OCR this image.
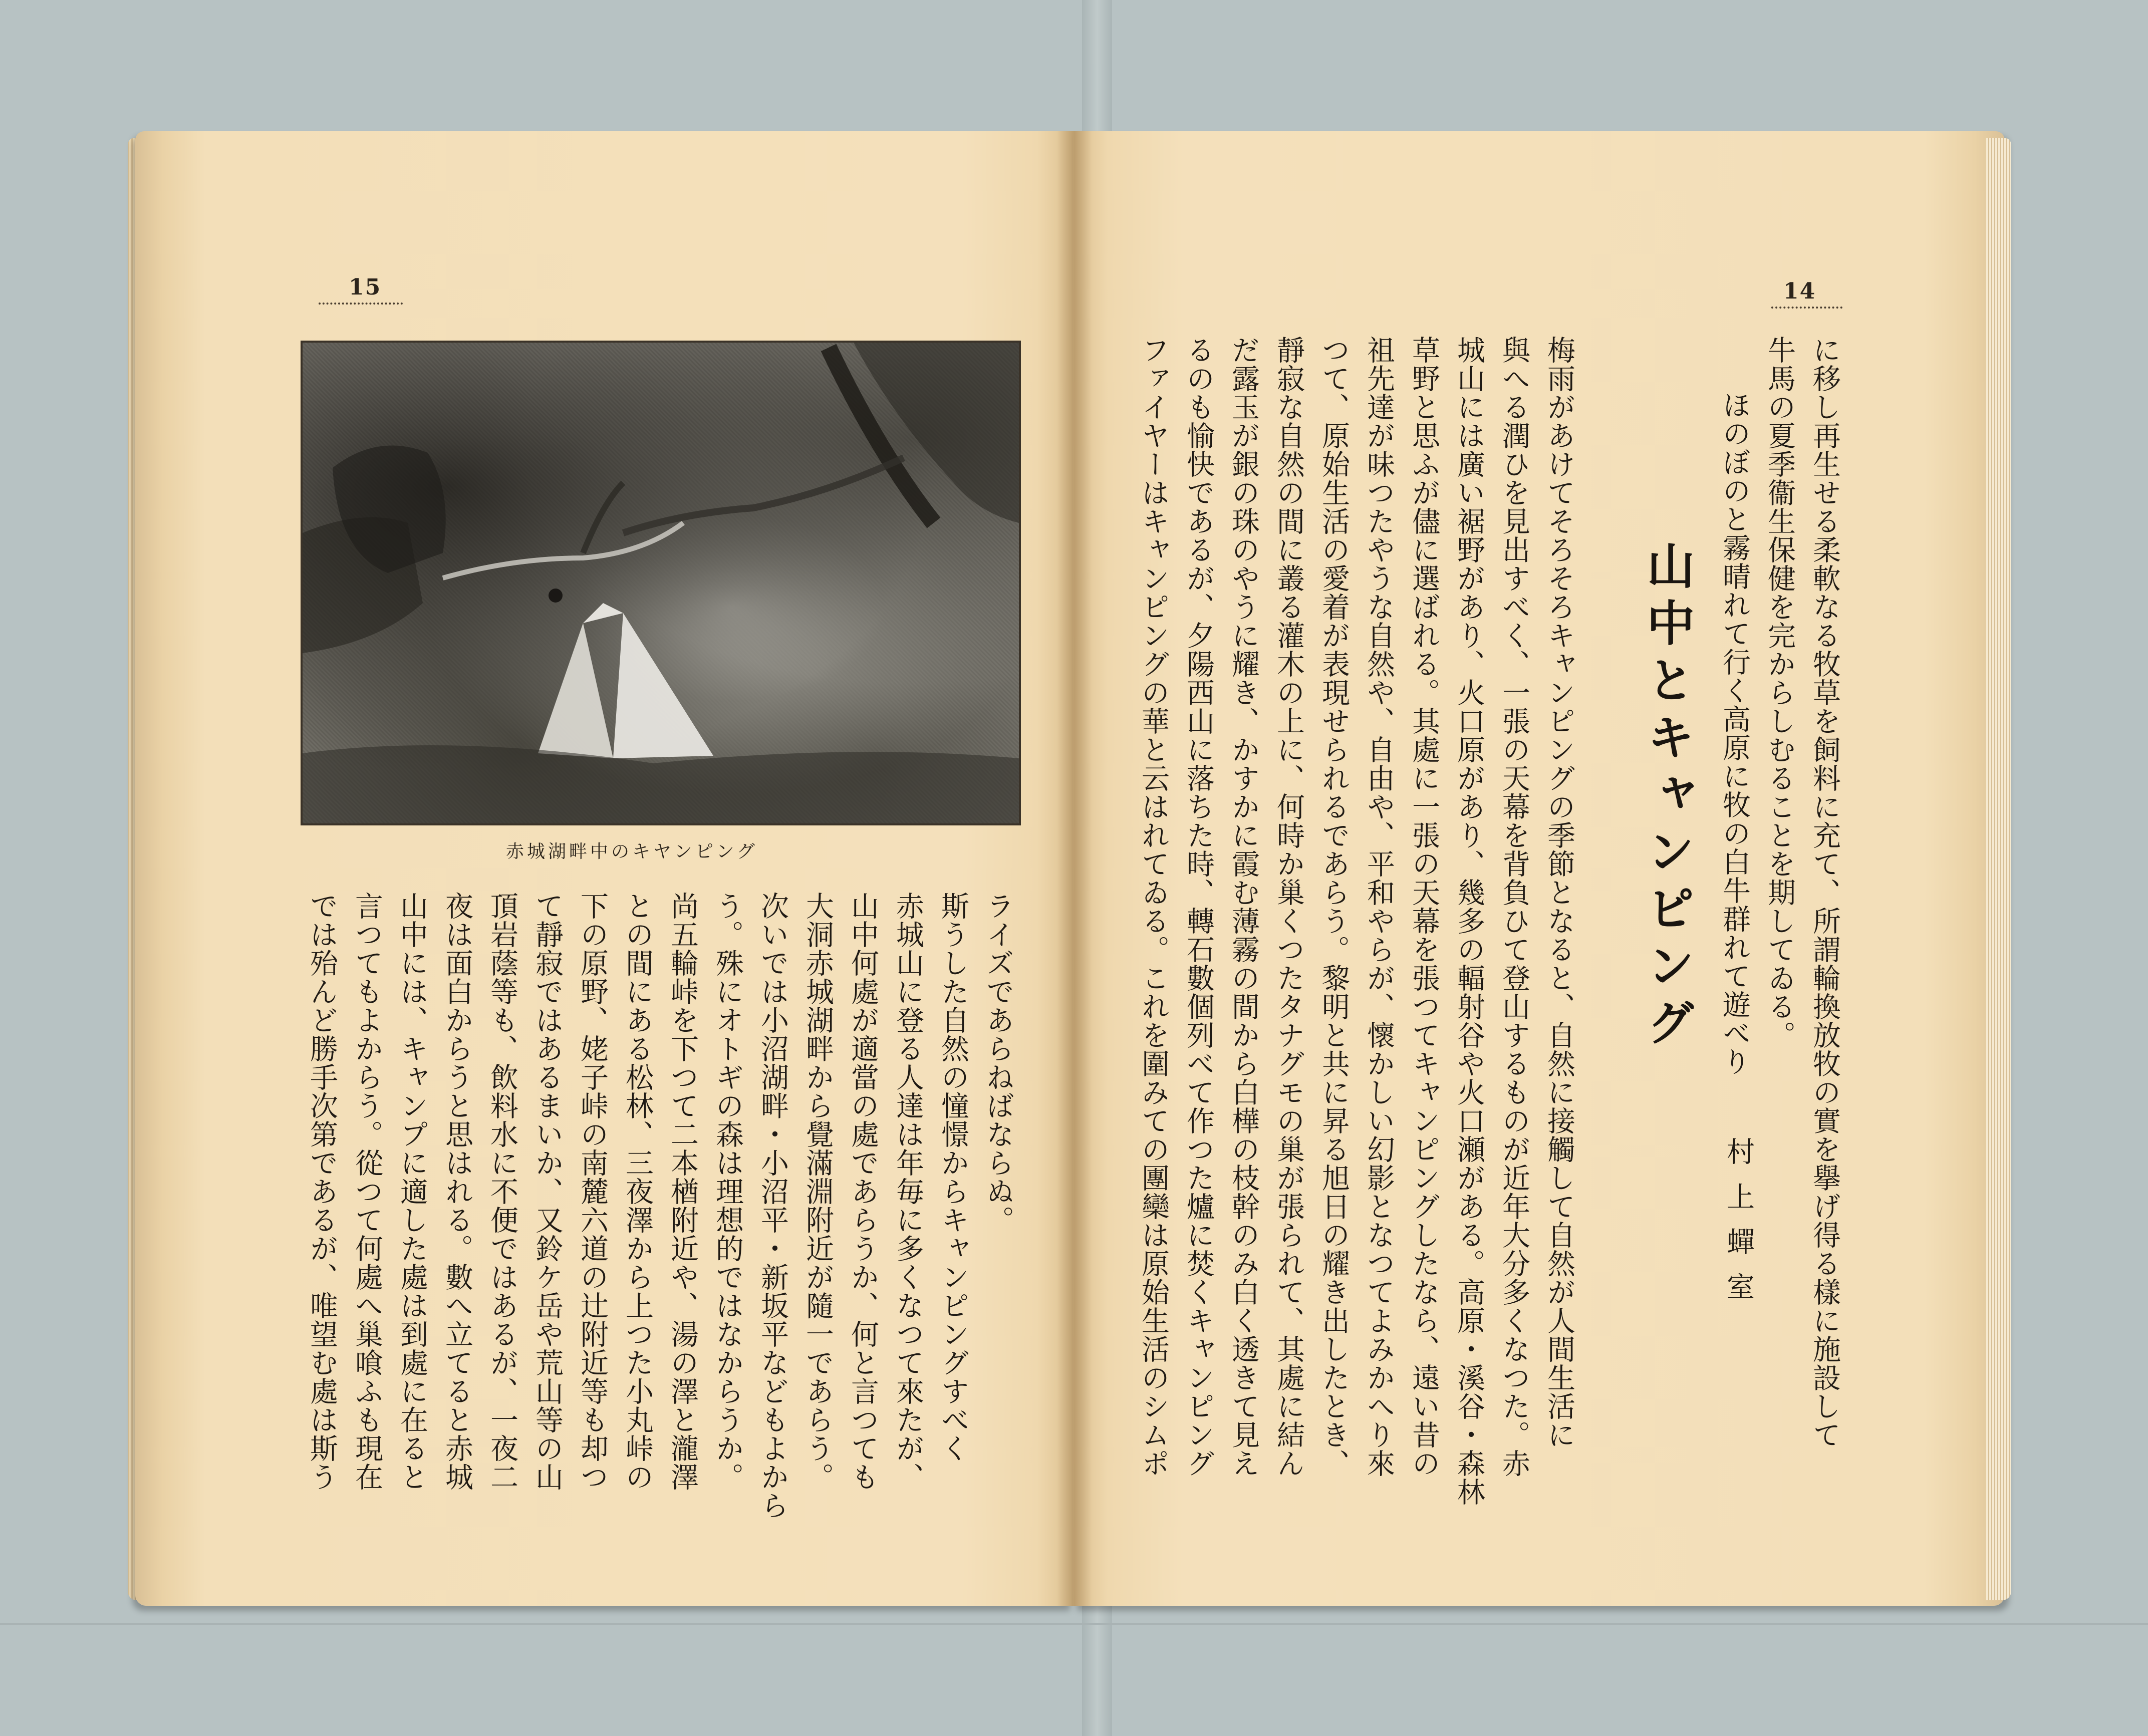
15
赤城湖畔中のキヤンピング
ライズであらねばならぬ。
斯うした自然の憧憬からキャンピングすべく
赤城山に登る人達は年毎に多くなつて來たが、
山中何處が適當の處であらうか、何と言つても
大洞赤城湖畔から覺滿淵附近が隨一であらう。
次いでは小沼湖畔・小沼平・新坂平などもよから
う。殊にオトギの森は理想的ではなからうか。
尚五輪峠を下つて二本楢附近や、湯の澤と瀧澤
との間にある松林、三夜澤から上つた小丸峠の
下の原野、姥子峠の南麓六道の辻附近等も却つ
て靜寂ではあるまいか、又鈴ケ岳や荒山等の山
頂岩蔭等も、飲料水に不便ではあるが、一夜二
夜は面白からうと思はれる。數へ立てると赤城
山中には、キャンプに適した處は到處に在ると
言つてもよからう。從つて何處へ巢喰ふも現在
では殆んど勝手次第であるが、唯望む處は斯う
14
に移し再生せる柔軟なる牧草を飼料に充て、所謂輪換放牧の實を擧げ得る樣に施設して
牛馬の夏季衞生保健を完からしむることを期してゐる。
ほのぼのと霧晴れて行く高原に牧の白牛群れて遊べり
村上蟬室
山中とキャンピング
梅雨があけてそろそろキャンピングの季節となると、自然に接觸して自然が人間生活に
與へる潤ひを見出すべく、一張の天幕を背負ひて登山するものが近年大分多くなつた。赤
城山には廣い裾野があり、火口原があり、幾多の輻射谷や火口瀬がある。高原・溪谷・森林
草野と思ふが儘に選ばれる。其處に一張の天幕を張つてキャンピングしたなら、遠い昔の
祖先達が味つたやうな自然や、自由や、平和やらが、懷かしい幻影となつてよみかへり來
つて、原始生活の愛着が表現せられるであらう。黎明と共に昇る旭日の耀き出したとき、
靜寂な自然の間に叢る灌木の上に、何時か巢くつたタナグモの巢が張られて、其處に結ん
だ露玉が銀の珠のやうに耀き、かすかに霞む薄霧の間から白樺の枝幹のみ白く透きて見え
るのも愉快であるが、夕陽西山に落ちた時、轉石數個列べて作つた爐に焚くキャンピング
ファイヤーはキャンピングの華と云はれてゐる。これを圍みての團欒は原始生活のシムポ
